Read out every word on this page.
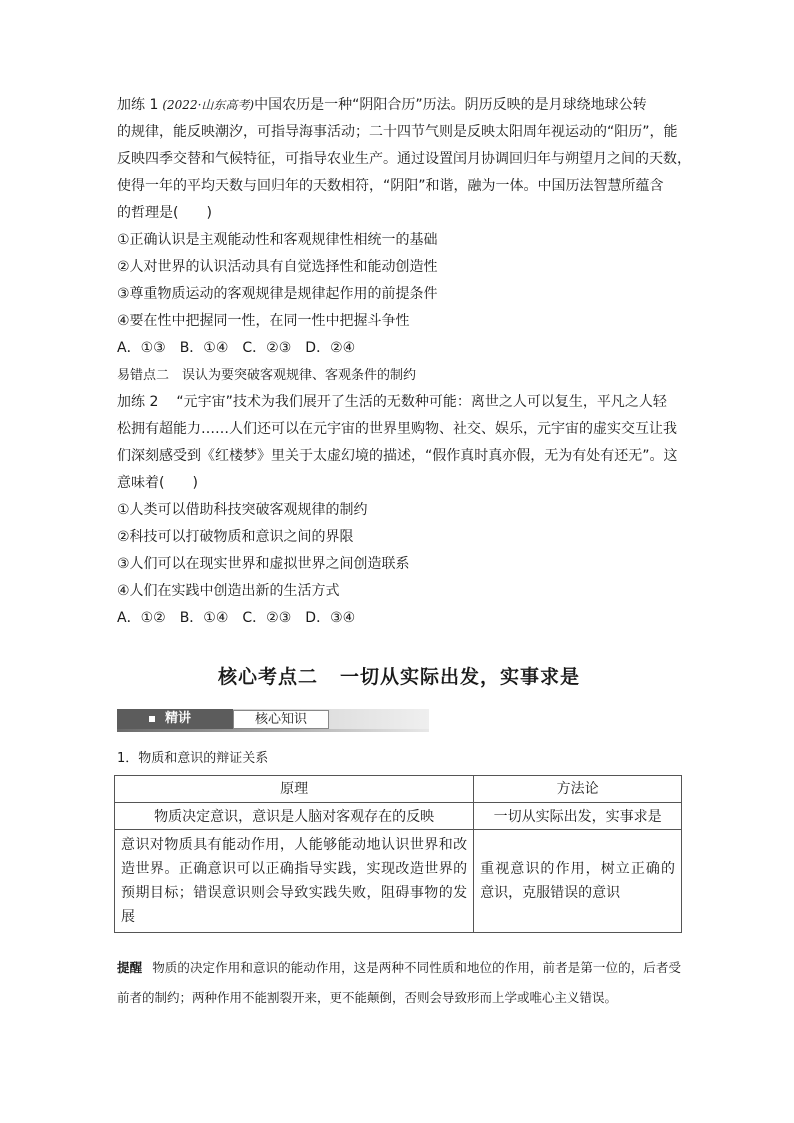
加练 1 (2022·山东高考)中国农历是一种“阴阳合历”历法。阴历反映的是月球绕地球公转

的规律，能反映潮汐，可指导海事活动；二十四节气则是反映太阳周年视运动的“阳历”，能

反映四季交替和气候特征，可指导农业生产。通过设置闰月协调回归年与朔望月之间的天数，

使得一年的平均天数与回归年的天数相符，“阴阳”和谐，融为一体。中国历法智慧所蕴含

的哲理是(　　)

①正确认识是主观能动性和客观规律性相统一的基础

②人对世界的认识活动具有自觉选择性和能动创造性

③尊重物质运动的客观规律是规律起作用的前提条件

④要在性中把握同一性，在同一性中把握斗争性

A．①③ B．①④ C．②③ D．②④

易错点二　误认为要突破客观规律、客观条件的制约

加练 2　 “元宇宙”技术为我们展开了生活的无数种可能：离世之人可以复生，平凡之人轻

松拥有超能力……人们还可以在元宇宙的世界里购物、社交、娱乐，元宇宙的虚实交互让我

们深刻感受到《红楼梦》里关于太虚幻境的描述，“假作真时真亦假，无为有处有还无”。这

意味着(　　)

①人类可以借助科技突破客观规律的制约

②科技可以打破物质和意识之间的界限

③人们可以在现实世界和虚拟世界之间创造联系

④人们在实践中创造出新的生活方式

A．①② B．①④ C．②③ D．③④

核心考点二 一切从实际出发，实事求是
精讲	核心知识

1．物质和意识的辩证关系

原理	方法论
物质决定意识，意识是人脑对客观存在的反映	一切从实际出发，实事求是
意识对物质具有能动作用，人能够能动地认识世界和改造世界。正确意识可以正确指导实践，实现改造世界的预期目标；错误意识则会导致实践失败，阻碍事物的发展	重视意识的作用，树立正确的意识，克服错误的意识
提醒 物质的决定作用和意识的能动作用，这是两种不同性质和地位的作用，前者是第一位的，后者受前者的制约；两种作用不能割裂开来，更不能颠倒，否则会导致形而上学或唯心主义错误。
